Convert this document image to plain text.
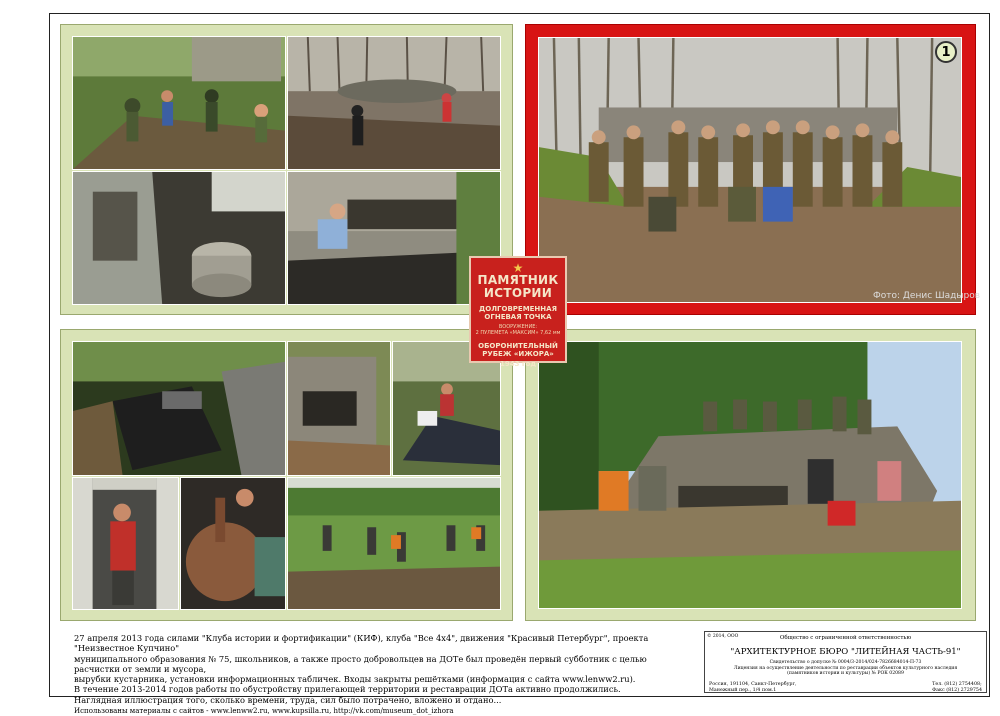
1
Фото: Денис Шадыров
★
ПАМЯТНИК
ИСТОРИИ
ДОЛГОВРЕМЕННАЯ
ОГНЕВАЯ ТОЧКА
ВООРУЖЕНИЕ:
2 ПУЛЕМЕТА «МАКСИМ» 7,62 мм
ОБОРОНИТЕЛЬНЫЙ
РУБЕЖ «ИЖОРА»
1943 год
27 апреля 2013 года силами "Клуба истории и фортификации" (КИФ), клуба "Все 4х4", движения "Красивый Петербург", проекта "Неизвестное Купчино"
муниципального образования № 75, школьников, а также просто добровольцев на ДОТе был проведён первый субботник с целью расчистки от земли и мусора,
вырубки кустарника, установки информационных табличек. Входы закрыты решётками (информация с сайта www.lenww2.ru).
В течение 2013-2014 годов работы по обустройству прилегающей территории и реставрации ДОТа активно продолжились.
Наглядная иллюстрация того, сколько времени, труда, сил было потрачено, вложено и отдано...
Использованы материалы с сайтов - www.lenww2.ru, www.kupsilla.ru, http://vk.com/museum_dot_izhora
© 2014, ООО	Общество с ограниченной ответственностью
"АРХИТЕКТУРНОЕ БЮРО "ЛИТЕЙНАЯ ЧАСТЬ-91"
Свидетельство о допуске № 0004/3-2014/024-7826684014-П-73
Лицензия на осуществление деятельности по реставрации объектов культурного наследия
(памятников истории и культуры) № РОК 02089
Россия, 191104, Санкт-Петербург,
Манежный пер., 1/4 пом.1
Тел. (812) 2754408;
Факс (812) 2729754
